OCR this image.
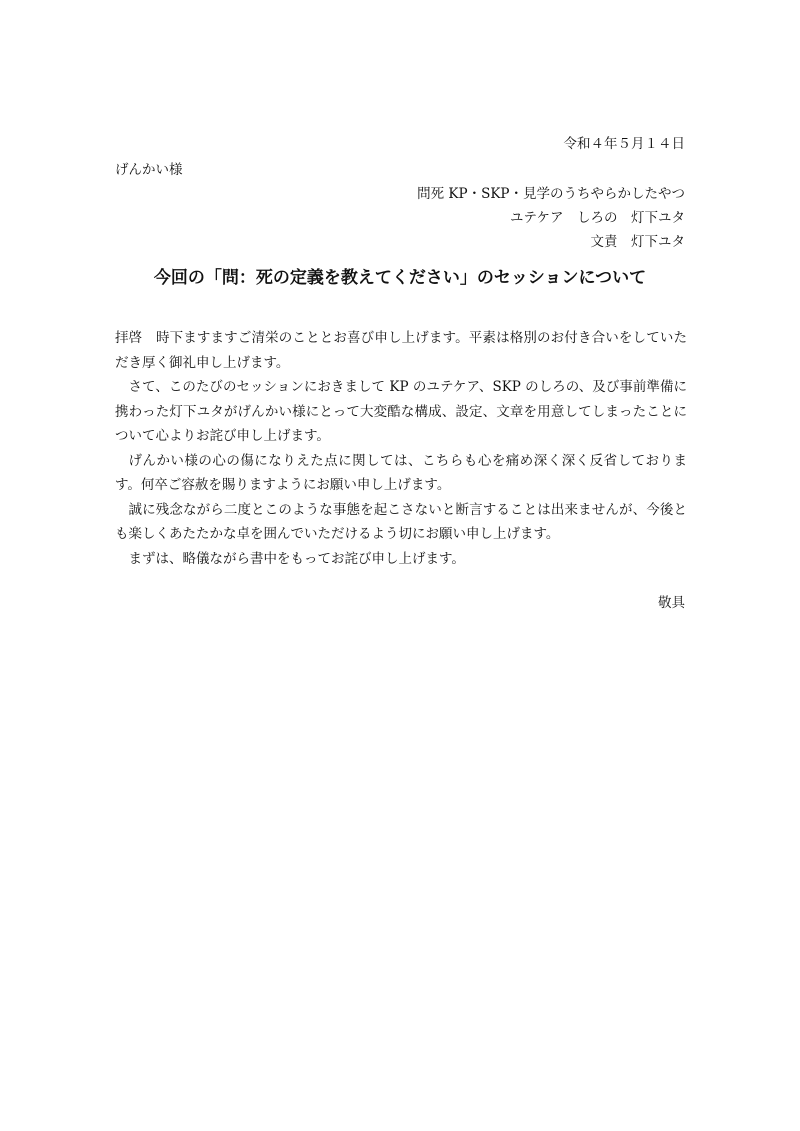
令和４年５月１４日
げんかい様
問死 KP・SKP・見学のうちやらかしたやつ
ユテケア　しろの　灯下ユタ
文責　灯下ユタ
今回の「問：死の定義を教えてください」のセッションについて

拝啓　時下ますますご清栄のこととお喜び申し上げます。平素は格別のお付き合いをしていただき厚く御礼申し上げます。

さて、このたびのセッションにおきまして KP のユテケア、SKP のしろの、及び事前準備に携わった灯下ユタがげんかい様にとって大変酷な構成、設定、文章を用意してしまったことについて心よりお詫び申し上げます。

げんかい様の心の傷になりえた点に関しては、こちらも心を痛め深く深く反省しております。何卒ご容赦を賜りますようにお願い申し上げます。

誠に残念ながら二度とこのような事態を起こさないと断言することは出来ませんが、今後とも楽しくあたたかな卓を囲んでいただけるよう切にお願い申し上げます。

まずは、略儀ながら書中をもってお詫び申し上げます。

敬具
